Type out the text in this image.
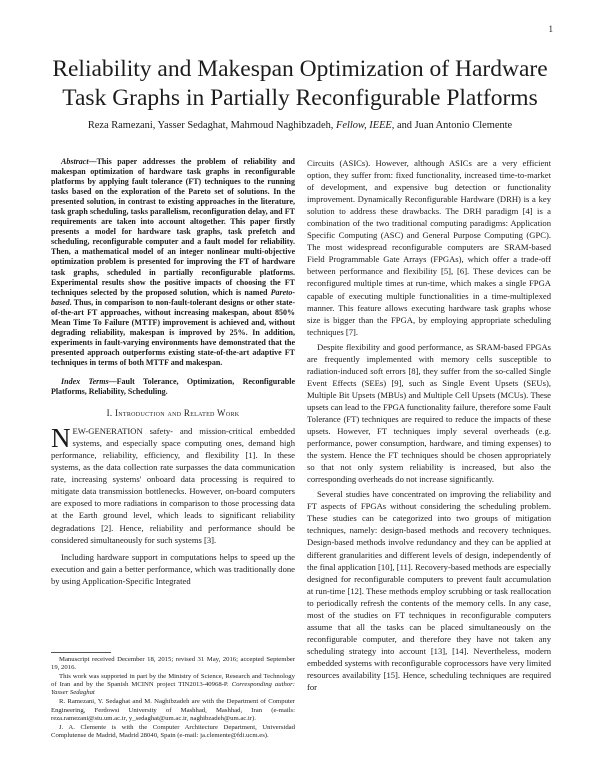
1
Reliability and Makespan Optimization of Hardware
Task Graphs in Partially Reconfigurable Platforms
Reza Ramezani, Yasser Sedaghat, Mahmoud Naghibzadeh, Fellow, IEEE, and Juan Antonio Clemente

Abstract—This paper addresses the problem of reliability and makespan optimization of hardware task graphs in reconfigurable platforms by applying fault tolerance (FT) techniques to the running tasks based on the exploration of the Pareto set of solutions. In the presented solution, in contrast to existing approaches in the literature, task graph scheduling, tasks parallelism, reconfiguration delay, and FT requirements are taken into account altogether. This paper firstly presents a model for hardware task graphs, task prefetch and scheduling, reconfigurable computer and a fault model for reliability. Then, a mathematical model of an integer nonlinear multi-objective optimization problem is presented for improving the FT of hardware task graphs, scheduled in partially reconfigurable platforms. Experimental results show the positive impacts of choosing the FT techniques selected by the proposed solution, which is named Pareto-based. Thus, in comparison to non-fault-tolerant designs or other state-of-the-art FT approaches, without increasing makespan, about 850% Mean Time To Failure (MTTF) improvement is achieved and, without degrading reliability, makespan is improved by 25%. In addition, experiments in fault-varying environments have demonstrated that the presented approach outperforms existing state-of-the-art adaptive FT techniques in terms of both MTTF and makespan.

Index Terms—Fault Tolerance, Optimization, Reconfigurable Platforms, Reliability, Scheduling.

I. Introduction and Related Work

NEW-GENERATION safety- and mission-critical embedded systems, and especially space computing ones, demand high performance, reliability, efficiency, and flexibility [1]. In these systems, as the data collection rate surpasses the data communication rate, increasing systems' onboard data processing is required to mitigate data transmission bottlenecks. However, on-board computers are exposed to more radiations in comparison to those processing data at the Earth ground level, which leads to significant reliability degradations [2]. Hence, reliability and performance should be considered simultaneously for such systems [3].

Including hardware support in computations helps to speed up the execution and gain a better performance, which was traditionally done by using Application-Specific Integrated

Manuscript received December 18, 2015; revised 31 May, 2016; accepted September 19, 2016.

This work was supported in part by the Ministry of Science, Research and Technology of Iran and by the Spanish MCINN project TIN2013-40968-P. Corresponding author: Yasser Sedaghat

R. Ramezani, Y. Sedaghat and M. Naghibzadeh are with the Department of Computer Engineering, Ferdowsi University of Mashhad, Mashhad, Iran (e-mails: reza.ramezani@stu.um.ac.ir, y_sedaghat@um.ac.ir, naghibzadeh@um.ac.ir).

J. A. Clemente is with the Computer Architecture Department, Universidad Complutense de Madrid, Madrid 28040, Spain (e-mail: ja.clemente@fdi.ucm.es).

Circuits (ASICs). However, although ASICs are a very efficient option, they suffer from: fixed functionality, increased time-to-market of development, and expensive bug detection or functionality improvement. Dynamically Reconfigurable Hardware (DRH) is a key solution to address these drawbacks. The DRH paradigm [4] is a combination of the two traditional computing paradigms: Application Specific Computing (ASC) and General Purpose Computing (GPC). The most widespread reconfigurable computers are SRAM-based Field Programmable Gate Arrays (FPGAs), which offer a trade-off between performance and flexibility [5], [6]. These devices can be reconfigured multiple times at run-time, which makes a single FPGA capable of executing multiple functionalities in a time-multiplexed manner. This feature allows executing hardware task graphs whose size is bigger than the FPGA, by employing appropriate scheduling techniques [7].

Despite flexibility and good performance, as SRAM-based FPGAs are frequently implemented with memory cells susceptible to radiation-induced soft errors [8], they suffer from the so-called Single Event Effects (SEEs) [9], such as Single Event Upsets (SEUs), Multiple Bit Upsets (MBUs) and Multiple Cell Upsets (MCUs). These upsets can lead to the FPGA functionality failure, therefore some Fault Tolerance (FT) techniques are required to reduce the impacts of these upsets. However, FT techniques imply several overheads (e.g. performance, power consumption, hardware, and timing expenses) to the system. Hence the FT techniques should be chosen appropriately so that not only system reliability is increased, but also the corresponding overheads do not increase significantly.

Several studies have concentrated on improving the reliability and FT aspects of FPGAs without considering the scheduling problem. These studies can be categorized into two groups of mitigation techniques, namely: design-based methods and recovery techniques. Design-based methods involve redundancy and they can be applied at different granularities and different levels of design, independently of the final application [10], [11]. Recovery-based methods are especially designed for reconfigurable computers to prevent fault accumulation at run-time [12]. These methods employ scrubbing or task reallocation to periodically refresh the contents of the memory cells. In any case, most of the studies on FT techniques in reconfigurable computers assume that all the tasks can be placed simultaneously on the reconfigurable computer, and therefore they have not taken any scheduling strategy into account [13], [14]. Nevertheless, modern embedded systems with reconfigurable coprocessors have very limited resources availability [15]. Hence, scheduling techniques are required for
